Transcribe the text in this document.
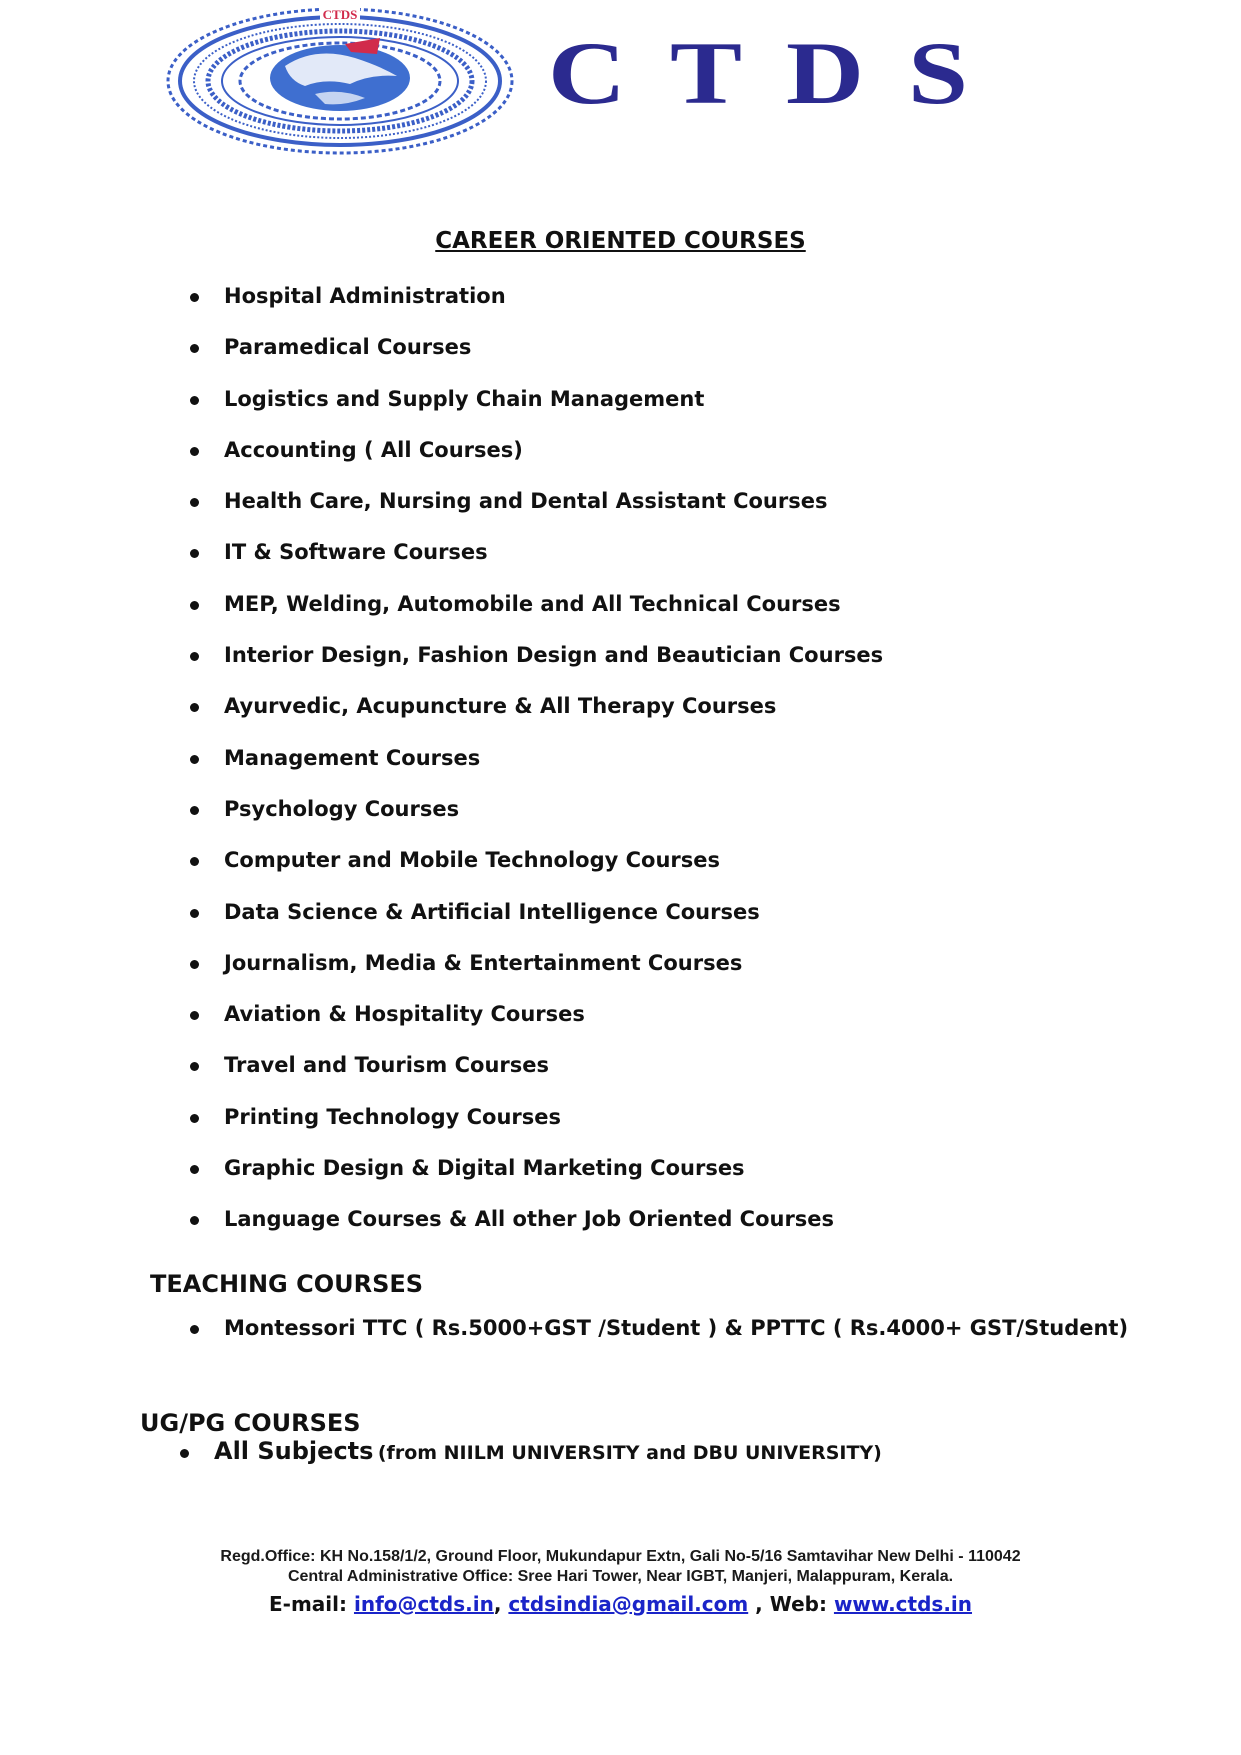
CTDS
CTDS
CAREER ORIENTED COURSES
Hospital Administration
Paramedical Courses
Logistics and Supply Chain Management
Accounting ( All Courses)
Health Care, Nursing and Dental Assistant Courses
IT & Software Courses
MEP, Welding, Automobile and All Technical Courses
Interior Design, Fashion Design and Beautician Courses
Ayurvedic, Acupuncture & All Therapy Courses
Management Courses
Psychology Courses
Computer and Mobile Technology Courses
Data Science & Artificial Intelligence Courses
Journalism, Media & Entertainment Courses
Aviation & Hospitality Courses
Travel and Tourism Courses
Printing Technology Courses
Graphic Design & Digital Marketing Courses
Language Courses & All other Job Oriented Courses
TEACHING COURSES
Montessori TTC ( Rs.5000+GST /Student ) & PPTTC ( Rs.4000+ GST/Student)
UG/PG COURSES
All Subjects (from NIILM UNIVERSITY and DBU UNIVERSITY)
Regd.Office: KH No.158/1/2, Ground Floor, Mukundapur Extn, Gali No-5/16 Samtavihar New Delhi - 110042
Central Administrative Office: Sree Hari Tower, Near IGBT, Manjeri, Malappuram, Kerala.
E-mail: info@ctds.in, ctdsindia@gmail.com , Web: www.ctds.in
